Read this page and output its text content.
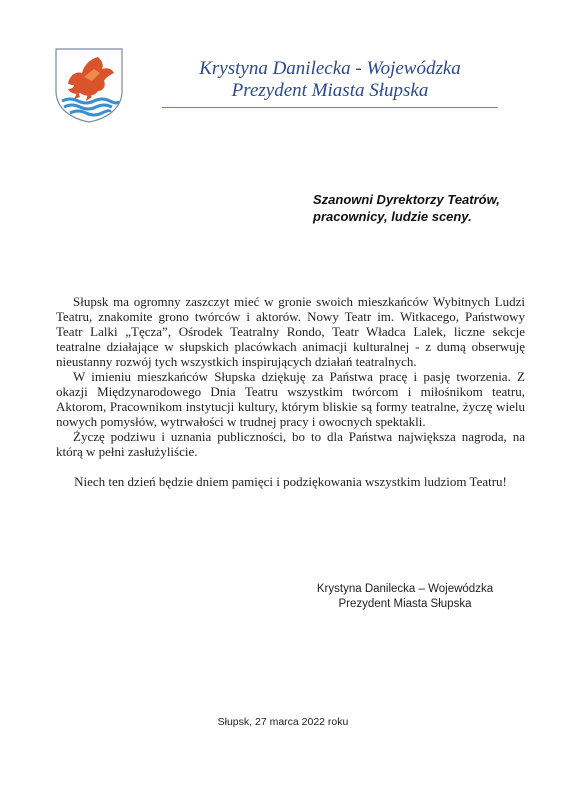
Krystyna Danilecka - Wojewódzka
Prezydent Miasta Słupska
Szanowni Dyrektorzy Teatrów,
pracownicy, ludzie sceny.

Słupsk ma ogromny zaszczyt mieć w gronie swoich mieszkańców Wybitnych Ludzi Teatru, znakomite grono twórców i aktorów. Nowy Teatr im. Witkacego, Państwowy Teatr Lalki „Tęcza”, Ośrodek Teatralny Rondo, Teatr Władca Lalek, liczne sekcje teatralne działające w słupskich placówkach animacji kulturalnej - z dumą obserwuję nieustanny rozwój tych wszystkich inspirujących działań teatralnych.

W imieniu mieszkańców Słupska dziękuję za Państwa pracę i pasję tworzenia. Z okazji Międzynarodowego Dnia Teatru wszystkim twórcom i miłośnikom teatru, Aktorom, Pracownikom instytucji kultury, którym bliskie są formy teatralne, życzę wielu nowych pomysłów, wytrwałości w trudnej pracy i owocnych spektakli.

Życzę podziwu i uznania publiczności, bo to dla Państwa największa nagroda, na którą w pełni zasłużyliście.

Niech ten dzień będzie dniem pamięci i podziękowania wszystkim ludziom Teatru!

Krystyna Danilecka – Wojewódzka
Prezydent Miasta Słupska
Słupsk, 27 marca 2022 roku
